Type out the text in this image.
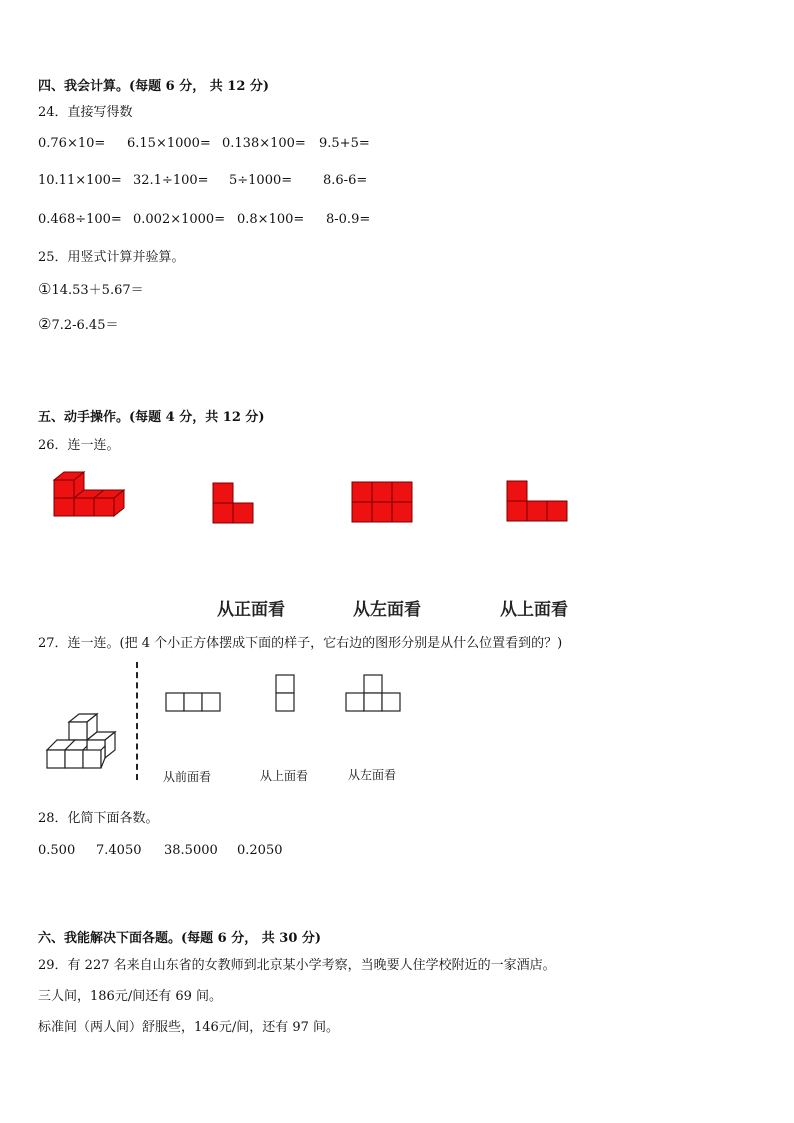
四、我会计算。(每题 6 分， 共 12 分)
24．直接写得数
0.76×10= 6.15×1000= 0.138×100= 9.5+5=
10.11×100= 32.1÷100= 5÷1000= 8.6-6=
0.468÷100= 0.002×1000= 0.8×100= 8-0.9=
25．用竖式计算并验算。
①14.53＋5.67＝
②7.2-6.45＝
五、动手操作。(每题 4 分，共 12 分)
26．连一连。
从正面看	从左面看	从上面看
27．连一连。(把 4 个小正方体摆成下面的样子，它右边的图形分别是从什么位置看到的？)
从前面看	从上面看	从左面看
28．化简下面各数。
0.500 7.4050 38.5000 0.2050
六、我能解决下面各题。(每题 6 分， 共 30 分)
29．有 227 名来自山东省的女教师到北京某小学考察，当晚要人住学校附近的一家酒店。
三人间，186元/间还有 69 间。
标准间（两人间）舒服些，146元/间，还有 97 间。
